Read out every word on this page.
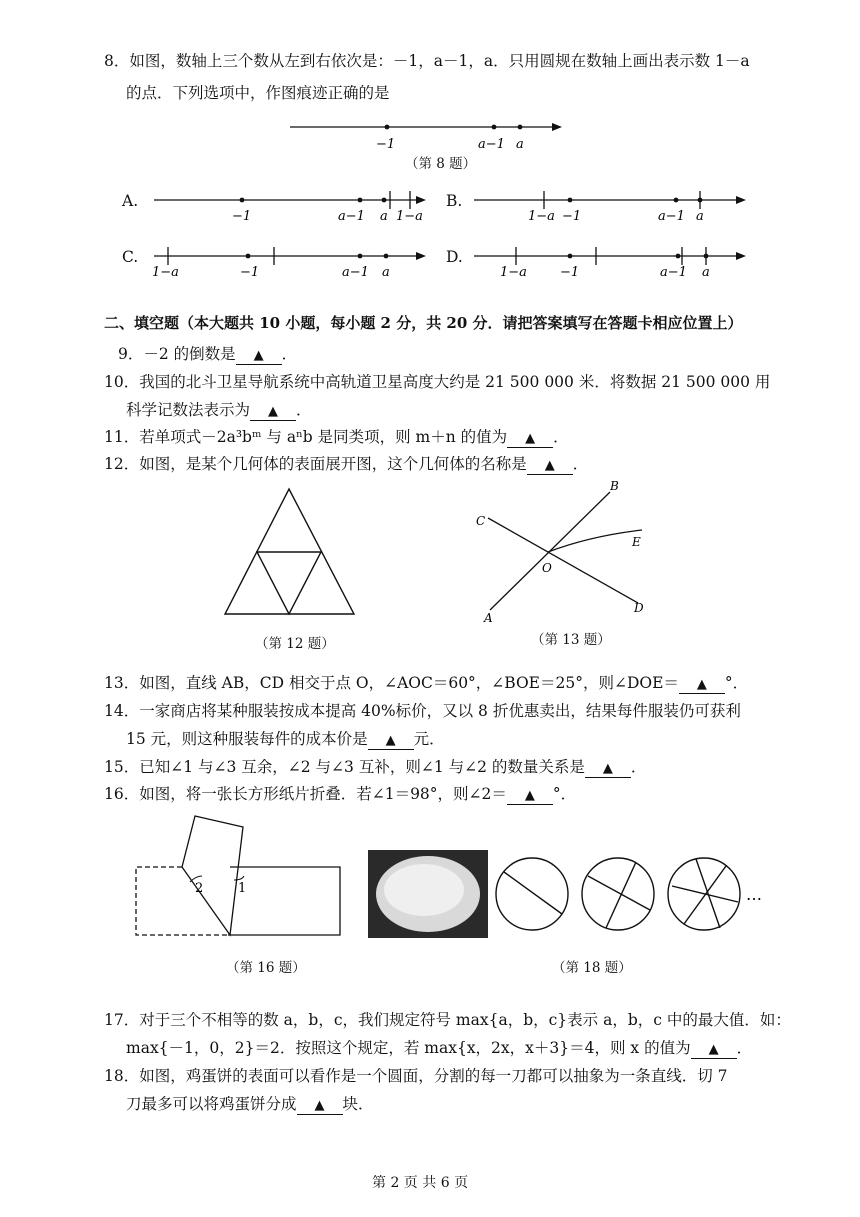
8．如图，数轴上三个数从左到右依次是：－1，a－1，a．只用圆规在数轴上画出表示数 1－a
的点．下列选项中，作图痕迹正确的是
−1	a−1 a
（第 8 题）
A.
−1	a−1 a 1−a
B.
1−a −1	a−1 a
C.
1−a	−1	a−1 a
D.
1−a	−1	a−1 a
二、填空题（本大题共 10 小题，每小题 2 分，共 20 分．请把答案填写在答题卡相应位置上）
9．－2 的倒数是 ▲ ．
10．我国的北斗卫星导航系统中高轨道卫星高度大约是 21 500 000 米．将数据 21 500 000 用
科学记数法表示为 ▲ ．
11．若单项式－2a³bᵐ 与 aⁿb 是同类项，则 m＋n 的值为 ▲ ．
12．如图，是某个几何体的表面展开图，这个几何体的名称是 ▲ ．
（第 12 题）
B
C
E
O
A
D
（第 13 题）
13．如图，直线 AB，CD 相交于点 O，∠AOC＝60°，∠BOE＝25°，则∠DOE＝ ▲ °．
14．一家商店将某种服装按成本提高 40%标价，又以 8 折优惠卖出，结果每件服装仍可获利
15 元，则这种服装每件的成本价是 ▲ 元．
15．已知∠1 与∠3 互余，∠2 与∠3 互补，则∠1 与∠2 的数量关系是 ▲ ．
16．如图，将一张长方形纸片折叠．若∠1＝98°，则∠2＝ ▲ °．
2	1
（第 16 题）
…
（第 18 题）
17．对于三个不相等的数 a，b，c，我们规定符号 max{a，b，c}表示 a，b，c 中的最大值．如：
max{－1，0，2}＝2．按照这个规定，若 max{x，2x，x＋3}＝4，则 x 的值为 ▲ ．
18．如图，鸡蛋饼的表面可以看作是一个圆面，分割的每一刀都可以抽象为一条直线．切 7
刀最多可以将鸡蛋饼分成 ▲ 块．
第 2 页 共 6 页
